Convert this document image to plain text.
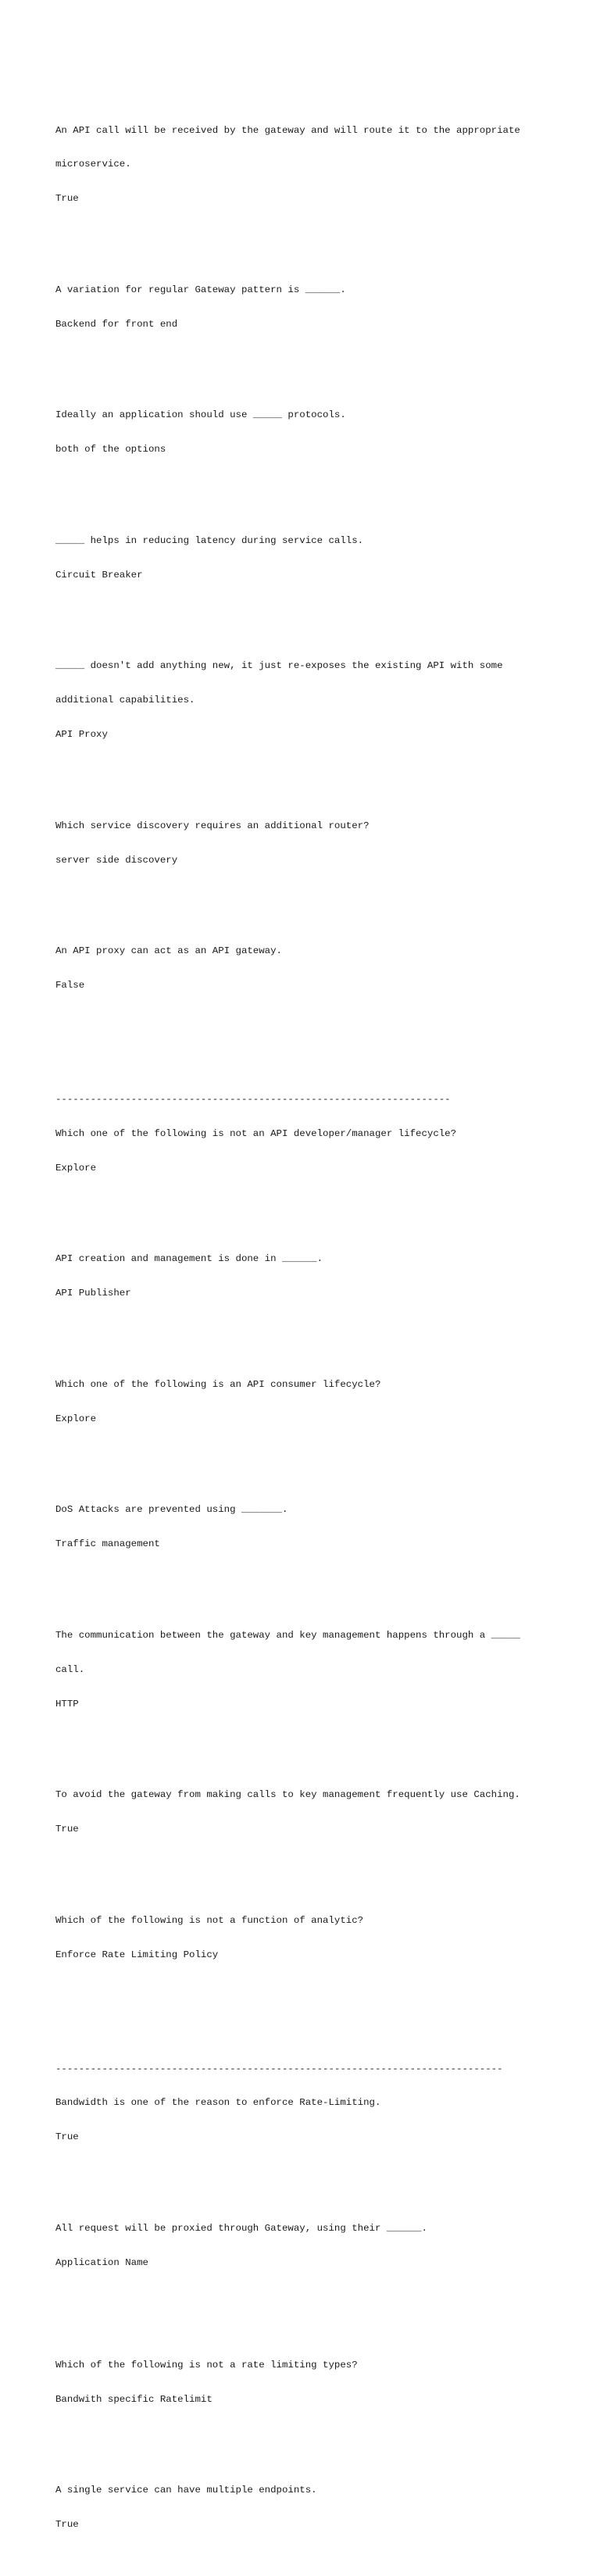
An API call will be received by the gateway and will route it to the appropriate

microservice.

True

A variation for regular Gateway pattern is ______.

Backend for front end

Ideally an application should use _____ protocols.

both of the options

_____ helps in reducing latency during service calls.

Circuit Breaker

_____ doesn't add anything new, it just re-exposes the existing API with some

additional capabilities.

API Proxy

Which service discovery requires an additional router?

server side discovery

An API proxy can act as an API gateway.

False

--------------------------------------------------------------------

Which one of the following is not an API developer/manager lifecycle?

Explore

API creation and management is done in ______.

API Publisher

Which one of the following is an API consumer lifecycle?

Explore

DoS Attacks are prevented using _______.

Traffic management

The communication between the gateway and key management happens through a _____

call.

HTTP

To avoid the gateway from making calls to key management frequently use Caching.

True

Which of the following is not a function of analytic?

Enforce Rate Limiting Policy

-----------------------------------------------------------------------------

Bandwidth is one of the reason to enforce Rate-Limiting.

True

All request will be proxied through Gateway, using their ______.

Application Name

Which of the following is not a rate limiting types?

Bandwith specific Ratelimit

A single service can have multiple endpoints.

True
